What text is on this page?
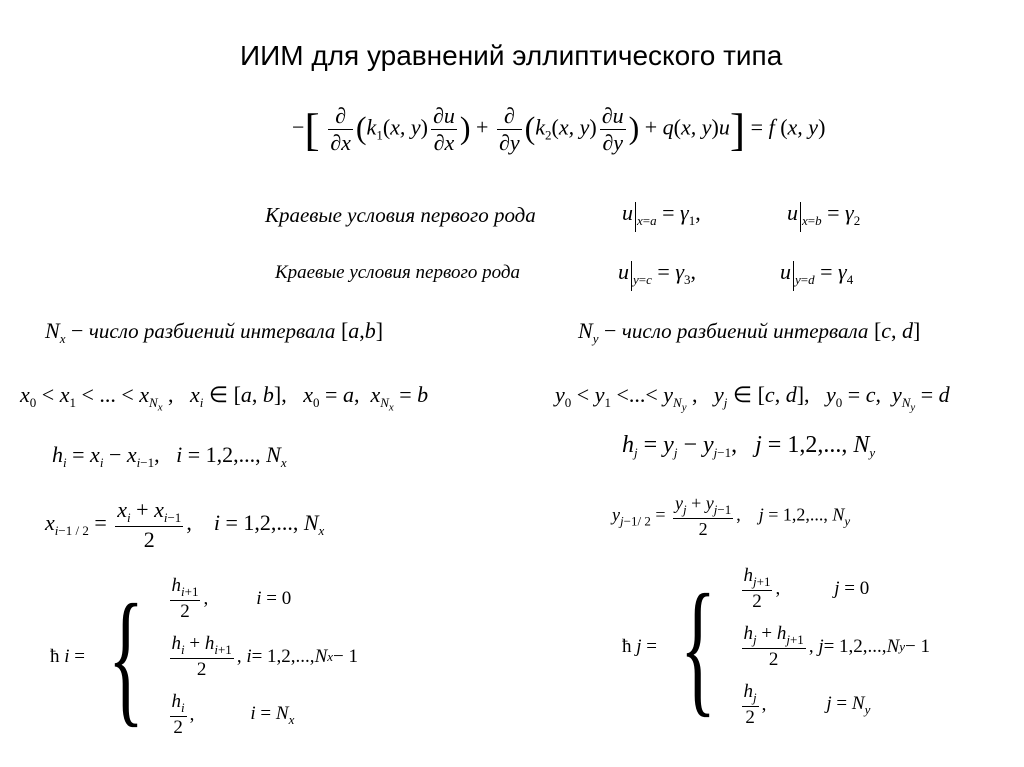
ИИМ для уравнений эллиптического типа
−[ $\frac{\partial}{\partial x} (k_1(x$, $y) \frac{\partial u}{\partial x}$ ) + $\frac{\partial}{\partial y} (k_2(x$, $y) \frac{\partial u}{\partial y}$ ) + q(x, y)u] = f (x, y)
Краевые условия первого рода	u $_{x=a} = \gamma_1$,	u $_{x=b} = \gamma_2$
Краевые условия первого рода	u $_{y=c} = \gamma_3$,	u $_{y=d} = \gamma_4$
$N_x$ − число разбиений интервала [a,b]	$N_y$ − число разбиений интервала [c, d]
$x_0 < x_1$ < ... < $x_{N_x}$ ,   $x_i$ ∈ [a, b],   $x_0 = a$,  $x_{N_x} = b$	$y_0 < y_1$ <...< $y_{N_y}$ ,   $y_j$ ∈ [c, d],   $y_0 = c$,  $y_{N_y} = d$
$h_i = x_i - x_{i-1}$,   i = 1,2,..., $N_x$
$h_j = y_j - y_{j-1}$,   j = 1,2,..., $N_y$
$x_{i-1 / 2} = \frac{x_i + x_{i-1}}{2}$ ,    i = 1,2,..., $N_x$
$y_{j-1/ 2} = \frac{y_j + y_{j-1}}{2}$ ,    j = 1,2,..., $N_y$
ħ i = { $\frac{h_{i+1}}{2}$ ,	i = 0
$\frac{h_i + h_{i+1}}{2}$ , i = 1,2,..., N x − 1
$\frac{h_i}{2}$ ,	$i = N_x$
ħ j = { $\frac{h_{j+1}}{2}$ ,	j = 0
$\frac{h_j + h_{j+1}}{2}$ , j = 1,2,..., N y − 1
$\frac{h_j}{2}$ ,	$j = N_y$
